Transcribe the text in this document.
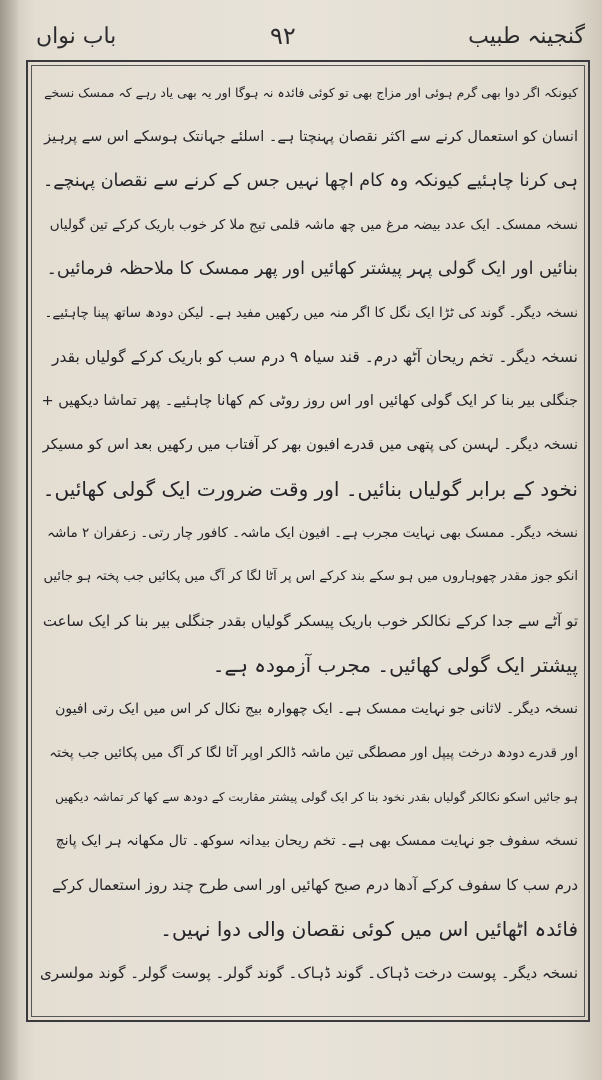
گنجینہ طبیب
۹۲
باب نواں
کیونکہ اگر دوا بھی گرم ہوئی اور مزاج بھی تو کوئی فائدہ نہ ہوگا اور یہ بھی یاد رہے کہ ممسک نسخے
انسان کو استعمال کرنے سے اکثر نقصان پہنچتا ہے۔ اسلئے جہانتک ہوسکے اس سے پرہیز
ہی کرنا چاہئیے کیونکہ وہ کام اچھا نہیں جس کے کرنے سے نقصان پہنچے۔
نسخہ ممسک۔ ایک عدد بیضہ مرغ میں چھ ماشہ قلمی تیج ملا کر خوب باریک کرکے تین گولیاں
بنائیں اور ایک گولی پہر پیشتر کھائیں اور پھر ممسک کا ملاحظہ فرمائیں۔
نسخہ دیگر۔ گوند کی ٹڑا ایک نگل کا اگر منہ میں رکھیں مفید ہے۔ لیکن دودھ ساتھ پینا چاہئیے۔
نسخہ دیگر۔ تخم ریحان آٹھ درم۔ قند سیاہ ۹ درم سب کو باریک کرکے گولیاں بقدر
جنگلی بیر بنا کر ایک گولی کھائیں اور اس روز روٹی کم کھانا چاہئیے۔ پھر تماشا دیکھیں +
نسخہ دیگر۔ لہسن کی پتھی میں قدرے افیون بھر کر آفتاب میں رکھیں بعد اس کو مسیکر
نخود کے برابر گولیاں بنائیں۔ اور وقت ضرورت ایک گولی کھائیں۔
نسخہ دیگر۔ ممسک بھی نہایت مجرب ہے۔ افیون ایک ماشہ۔ کافور چار رتی۔ زعفران ۲ ماشہ
انکو جوز مقدر چھوہاروں میں ہو سکے بند کرکے اس پر آٹا لگا کر آگ میں پکائیں جب پختہ ہو جائیں
تو آٹے سے جدا کرکے نکالکر خوب باریک پیسکر گولیاں بقدر جنگلی بیر بنا کر ایک ساعت
پیشتر ایک گولی کھائیں۔ مجرب آزمودہ ہے۔
نسخہ دیگر۔ لاثانی جو نہایت ممسک ہے۔ ایک چھوارہ بیج نکال کر اس میں ایک رتی افیون
اور قدرے دودھ درخت پیپل اور مصطگی تین ماشہ ڈالکر اوپر آٹا لگا کر آگ میں پکائیں جب پختہ
ہو جائیں اسکو نکالکر گولیاں بقدر نخود بنا کر ایک گولی پیشتر مقاربت کے دودھ سے کھا کر تماشہ دیکھیں
نسخہ سفوف جو نہایت ممسک بھی ہے۔ تخم ریحان بیدانہ سوکھ۔ تال مکھانہ ہر ایک پانچ
درم سب کا سفوف کرکے آدھا درم صبح کھائیں اور اسی طرح چند روز استعمال کرکے
فائدہ اٹھائیں اس میں کوئی نقصان والی دوا نہیں۔
نسخہ دیگر۔ پوست درخت ڈہاک۔ گوند ڈہاک۔ گوند گولر۔ پوست گولر۔ گوند مولسری
